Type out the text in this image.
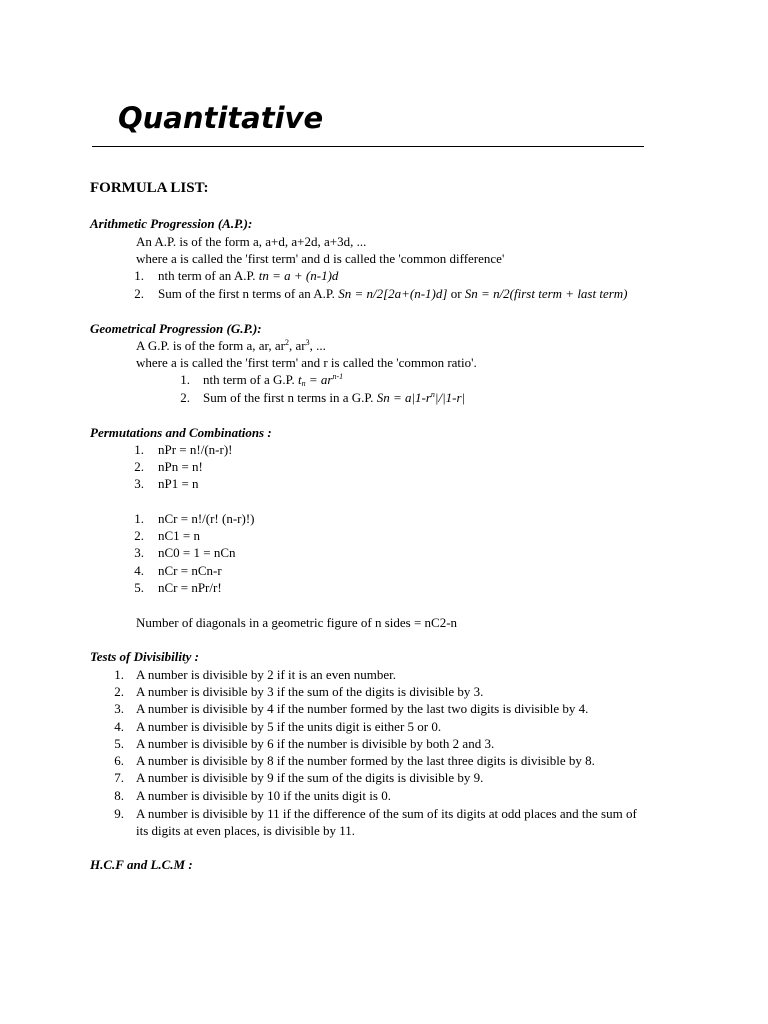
Quantitative
FORMULA LIST:
Arithmetic Progression (A.P.):
An A.P. is of the form a, a+d, a+2d, a+3d, ...
where a is called the 'first term' and d is called the 'common difference'
1. nth term of an A.P. tn = a + (n-1)d
2. Sum of the first n terms of an A.P. Sn = n/2[2a+(n-1)d] or Sn = n/2(first term + last term)
Geometrical Progression (G.P.):
A G.P. is of the form a, ar, $ar^2$, $ar^3$, ...
where a is called the 'first term' and r is called the 'common ratio'.
1. nth term of a G.P. $t_n = ar^{n-1}$
2. Sum of the first n terms in a G.P. $Sn = a|1-r^n|/|1-r|$
Permutations and Combinations :
1. nPr = n!/(n-r)!
2. nPn = n!
3. nP1 = n
1. nCr = n!/(r! (n-r)!)
2. nC1 = n
3. nC0 = 1 = nCn
4. nCr = nCn-r
5. nCr = nPr/r!
Number of diagonals in a geometric figure of n sides = nC2-n
Tests of Divisibility :
1. A number is divisible by 2 if it is an even number.
2. A number is divisible by 3 if the sum of the digits is divisible by 3.
3. A number is divisible by 4 if the number formed by the last two digits is divisible by 4.
4. A number is divisible by 5 if the units digit is either 5 or 0.
5. A number is divisible by 6 if the number is divisible by both 2 and 3.
6. A number is divisible by 8 if the number formed by the last three digits is divisible by 8.
7. A number is divisible by 9 if the sum of the digits is divisible by 9.
8. A number is divisible by 10 if the units digit is 0.
9. A number is divisible by 11 if the difference of the sum of its digits at odd places and the sum of
its digits at even places, is divisible by 11.
H.C.F and L.C.M :
